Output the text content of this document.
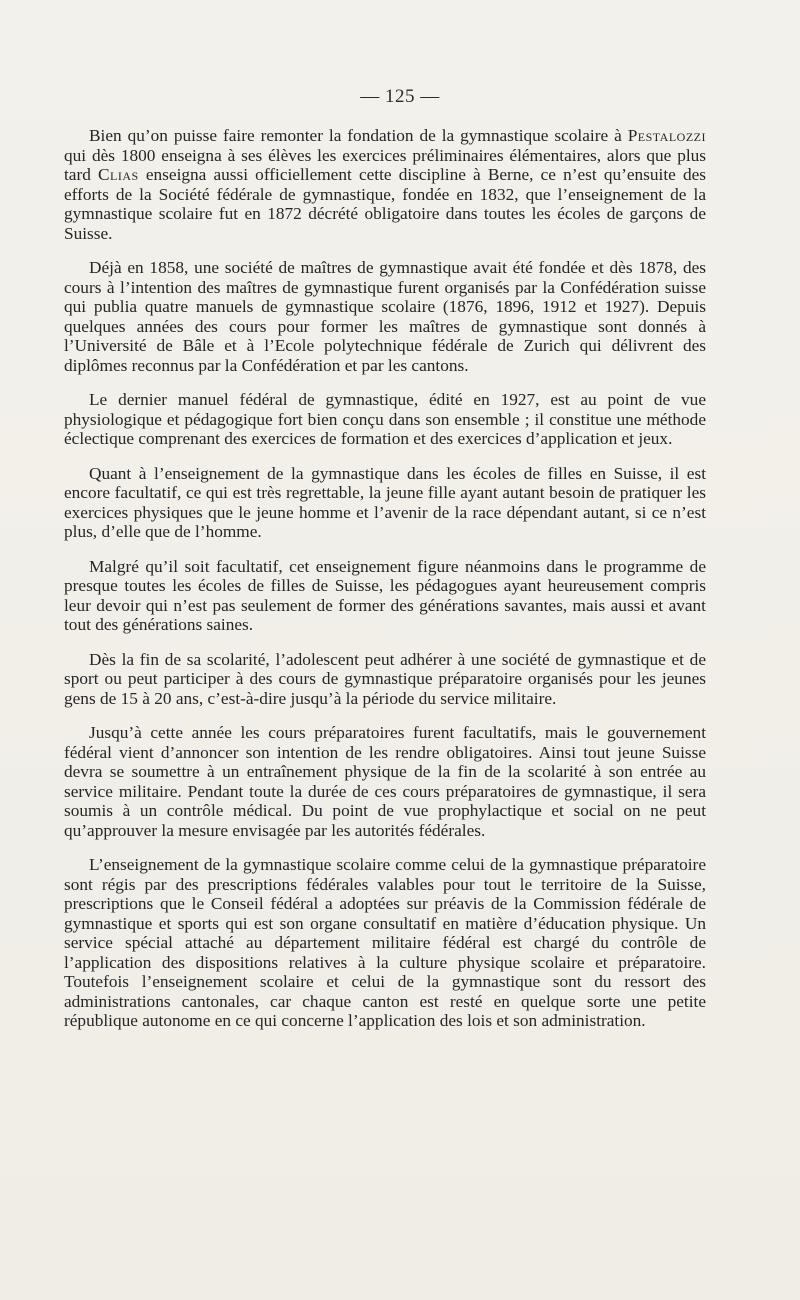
— 125 —

Bien qu’on puisse faire remonter la fondation de la gymnastique scolaire à Pestalozzi qui dès 1800 enseigna à ses élèves les exercices préliminaires élémentaires, alors que plus tard Clias enseigna aussi officiellement cette discipline à Berne, ce n’est qu’ensuite des efforts de la Société fédérale de gymnastique, fondée en 1832, que l’enseignement de la gymnastique scolaire fut en 1872 décrété obligatoire dans toutes les écoles de garçons de Suisse.

Déjà en 1858, une société de maîtres de gymnastique avait été fondée et dès 1878, des cours à l’intention des maîtres de gymnastique furent organisés par la Confédération suisse qui publia quatre manuels de gymnastique scolaire (1876, 1896, 1912 et 1927). Depuis quelques années des cours pour former les maîtres de gymnastique sont donnés à l’Université de Bâle et à l’Ecole polytechnique fédérale de Zurich qui délivrent des diplômes reconnus par la Confédération et par les cantons.

Le dernier manuel fédéral de gymnastique, édité en 1927, est au point de vue physiologique et pédagogique fort bien conçu dans son ensemble ; il constitue une méthode éclectique comprenant des exercices de formation et des exercices d’application et jeux.

Quant à l’enseignement de la gymnastique dans les écoles de filles en Suisse, il est encore facultatif, ce qui est très regrettable, la jeune fille ayant autant besoin de pratiquer les exercices physiques que le jeune homme et l’avenir de la race dépendant autant, si ce n’est plus, d’elle que de l’homme.

Malgré qu’il soit facultatif, cet enseignement figure néanmoins dans le programme de presque toutes les écoles de filles de Suisse, les pédagogues ayant heureusement compris leur devoir qui n’est pas seulement de former des générations savantes, mais aussi et avant tout des générations saines.

Dès la fin de sa scolarité, l’adolescent peut adhérer à une société de gymnastique et de sport ou peut participer à des cours de gymnastique préparatoire organisés pour les jeunes gens de 15 à 20 ans, c’est-à-dire jusqu’à la période du service militaire.

Jusqu’à cette année les cours préparatoires furent facultatifs, mais le gouvernement fédéral vient d’annoncer son intention de les rendre obligatoires. Ainsi tout jeune Suisse devra se soumettre à un entraînement physique de la fin de la scolarité à son entrée au service militaire. Pendant toute la durée de ces cours préparatoires de gymnastique, il sera soumis à un contrôle médical. Du point de vue prophylactique et social on ne peut qu’approuver la mesure envisagée par les autorités fédérales.

L’enseignement de la gymnastique scolaire comme celui de la gymnastique préparatoire sont régis par des prescriptions fédérales valables pour tout le territoire de la Suisse, prescriptions que le Conseil fédéral a adoptées sur préavis de la Commission fédérale de gymnastique et sports qui est son organe consultatif en matière d’éducation physique. Un service spécial attaché au département militaire fédéral est chargé du contrôle de l’application des dispositions relatives à la culture physique scolaire et préparatoire. Toutefois l’enseignement scolaire et celui de la gymnastique sont du ressort des administrations cantonales, car chaque canton est resté en quelque sorte une petite république autonome en ce qui concerne l’application des lois et son administration.
